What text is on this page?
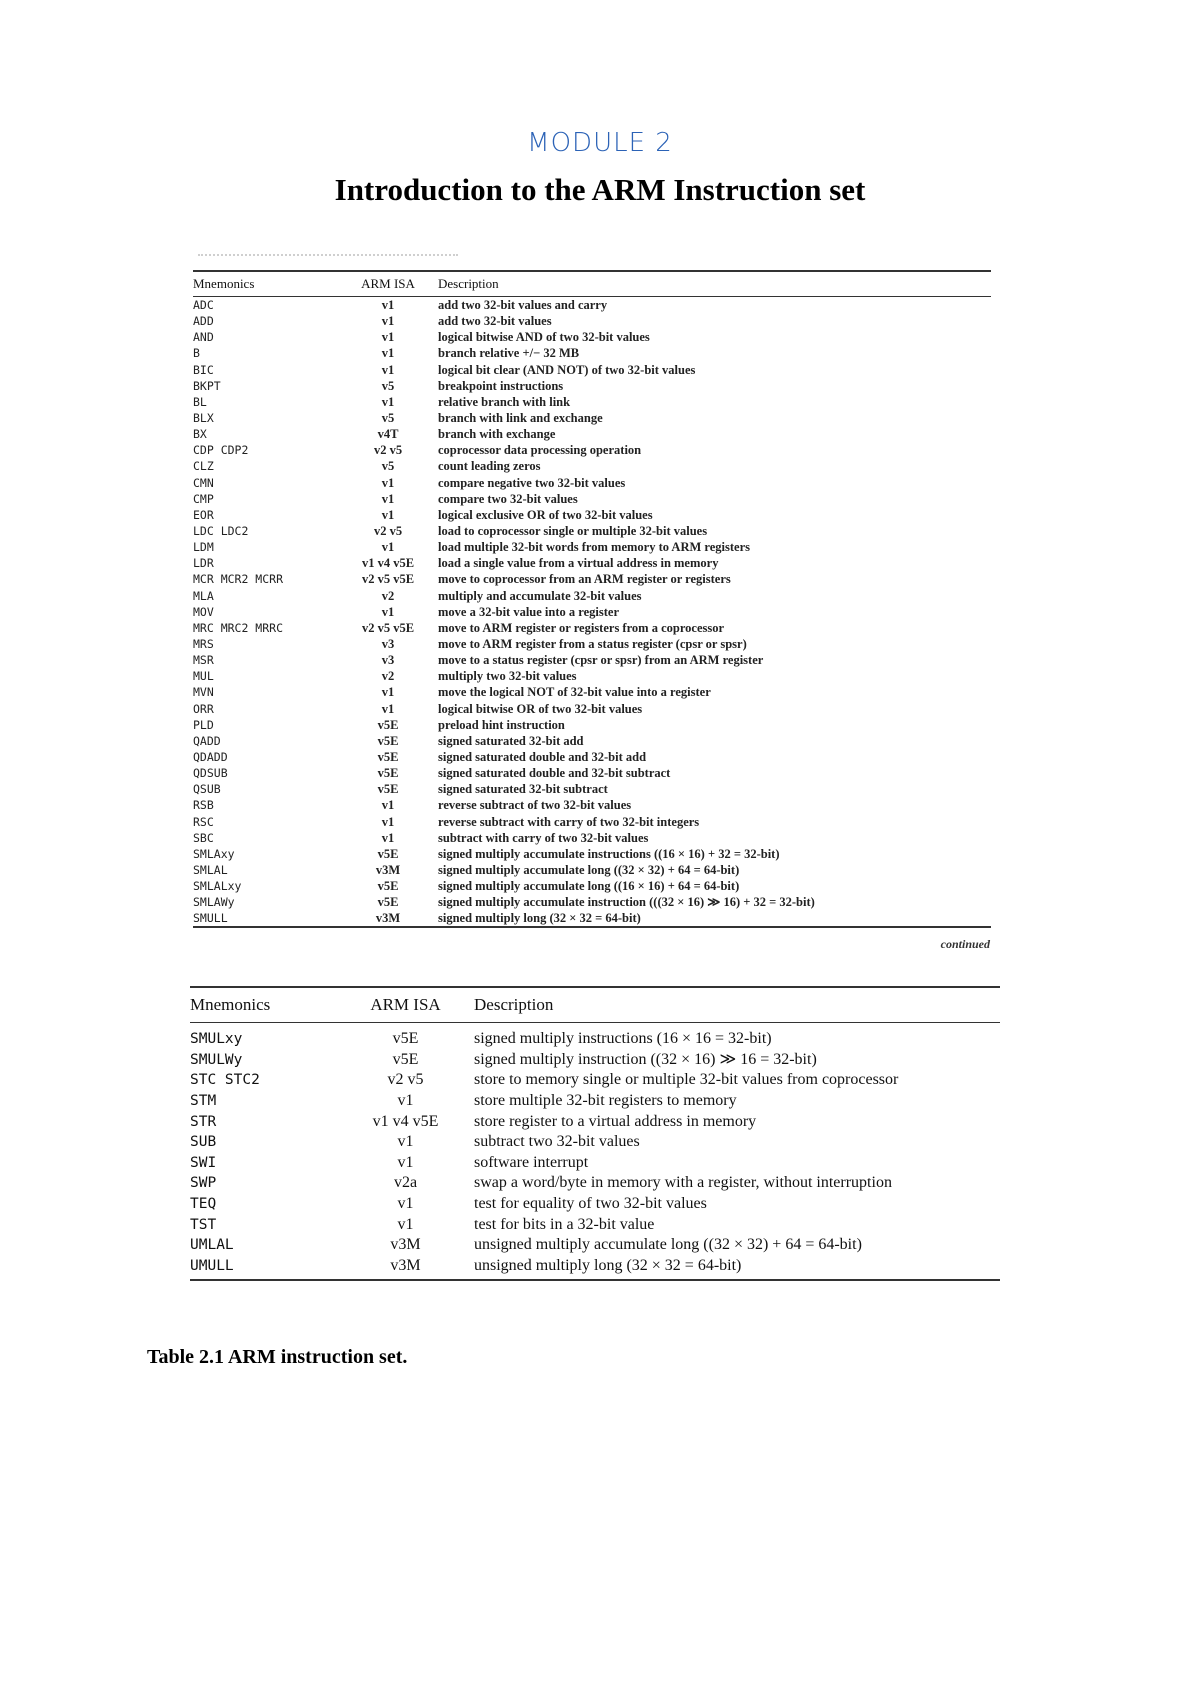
MODULE 2
Introduction to the ARM Instruction set
Mnemonics	ARM ISA	Description
ADC	v1	add two 32-bit values and carry
ADD	v1	add two 32-bit values
AND	v1	logical bitwise AND of two 32-bit values
B	v1	branch relative +/− 32 MB
BIC	v1	logical bit clear (AND NOT) of two 32-bit values
BKPT	v5	breakpoint instructions
BL	v1	relative branch with link
BLX	v5	branch with link and exchange
BX	v4T	branch with exchange
CDP CDP2	v2 v5	coprocessor data processing operation
CLZ	v5	count leading zeros
CMN	v1	compare negative two 32-bit values
CMP	v1	compare two 32-bit values
EOR	v1	logical exclusive OR of two 32-bit values
LDC LDC2	v2 v5	load to coprocessor single or multiple 32-bit values
LDM	v1	load multiple 32-bit words from memory to ARM registers
LDR	v1 v4 v5E	load a single value from a virtual address in memory
MCR MCR2 MCRR	v2 v5 v5E	move to coprocessor from an ARM register or registers
MLA	v2	multiply and accumulate 32-bit values
MOV	v1	move a 32-bit value into a register
MRC MRC2 MRRC	v2 v5 v5E	move to ARM register or registers from a coprocessor
MRS	v3	move to ARM register from a status register (cpsr or spsr)
MSR	v3	move to a status register (cpsr or spsr) from an ARM register
MUL	v2	multiply two 32-bit values
MVN	v1	move the logical NOT of 32-bit value into a register
ORR	v1	logical bitwise OR of two 32-bit values
PLD	v5E	preload hint instruction
QADD	v5E	signed saturated 32-bit add
QDADD	v5E	signed saturated double and 32-bit add
QDSUB	v5E	signed saturated double and 32-bit subtract
QSUB	v5E	signed saturated 32-bit subtract
RSB	v1	reverse subtract of two 32-bit values
RSC	v1	reverse subtract with carry of two 32-bit integers
SBC	v1	subtract with carry of two 32-bit values
SMLAxy	v5E	signed multiply accumulate instructions ((16 × 16) + 32 = 32-bit)
SMLAL	v3M	signed multiply accumulate long ((32 × 32) + 64 = 64-bit)
SMLALxy	v5E	signed multiply accumulate long ((16 × 16) + 64 = 64-bit)
SMLAWy	v5E	signed multiply accumulate instruction (((32 × 16) ≫ 16) + 32 = 32-bit)
SMULL	v3M	signed multiply long (32 × 32 = 64-bit)
continued
Mnemonics	ARM ISA	Description
SMULxy	v5E	signed multiply instructions (16 × 16 = 32-bit)
SMULWy	v5E	signed multiply instruction ((32 × 16) ≫ 16 = 32-bit)
STC STC2	v2 v5	store to memory single or multiple 32-bit values from coprocessor
STM	v1	store multiple 32-bit registers to memory
STR	v1 v4 v5E	store register to a virtual address in memory
SUB	v1	subtract two 32-bit values
SWI	v1	software interrupt
SWP	v2a	swap a word/byte in memory with a register, without interruption
TEQ	v1	test for equality of two 32-bit values
TST	v1	test for bits in a 32-bit value
UMLAL	v3M	unsigned multiply accumulate long ((32 × 32) + 64 = 64-bit)
UMULL	v3M	unsigned multiply long (32 × 32 = 64-bit)
Table 2.1 ARM instruction set.
